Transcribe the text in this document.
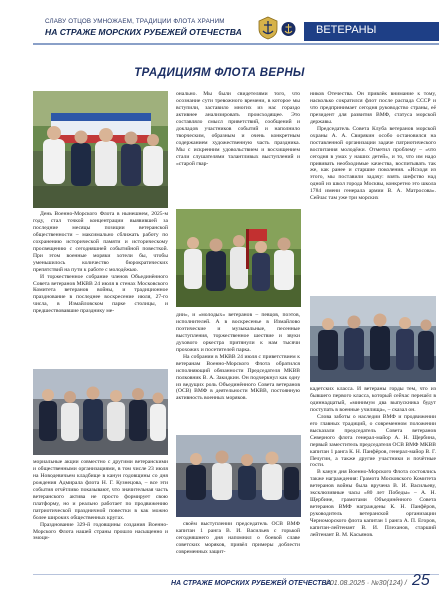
СЛАВУ ОТЦОВ УМНОЖАЕМ, ТРАДИЦИИ ФЛОТА ХРАНИМ
НА СТРАЖЕ МОРСКИХ РУБЕЖЕЙ ОТЕЧЕСТВА	ВЕТЕРАНЫ
ТРАДИЦИЯМ ФЛОТА ВЕРНЫ

День Военно-Морского Флота в нынешнем, 2025-м году, стал точкой концентрации выявившей за последние месяцы позиции ветеранской общественности – максимально сближать работу по сохранению исторической памяти и историческому просвещению с сегодняшней событийной повесткой. При этом военные моряки хотели бы, чтобы уменьшилось количество бюрократических препятствий на пути к работе с молодёжью.

И торжественное собрание членов Объединённого Совета ветеранов МКВВ 24 июля в стенах Московского Комитета ветеранов войны, и традиционное празднование в последнее воскресение июля, 27-го числа, в Измайловском парке столицы, и предшествовавшие празднику ме-

мориальные акции совместно с другими ветеранскими и общественными организациями, в том числе 23 июля на Новодевичьем кладбище в канун годовщины со дня рождения Адмирала флота Н. Г. Кузнецова, – все эти события отчётливо показывают, что значительная часть ветеранского актива не просто формирует свою платформу, но и реально работает по продвижению патриотической праздничной повестки в как можно более широких общественных кругах.

Празднование 329-й годовщины создания Военно-Морского Флота нашей страны прошло насыщенно и эмоци-

онально. Мы были свидетелями того, что осознание сути тревожного времени, в которое мы вступили, заставило многих из нас гораздо активнее анализировать происходящее. Это составляло смысл приветствий, сообщений и докладов участников событий и наполнило творческим, образным и очень конкретным содержанием художественную часть праздника. Мы с искренним удовольствием и восхищением стали слушателями талантливых выступлений и «старой гвар-

дии», и «молодых» ветеранов – певцов, поэтов, исполнителей. А в воскресенье в Измайлово поэтические и музыкальные, песенные выступления, торжественное шествие и звуки духового оркестра притянули к нам тысячи прохожих и посетителей парка.

На собрании в МКВВ 24 июля с приветствием к ветеранам Военно-Морского Флота обратился исполняющий обязанности Председателя МКВВ полковник В. А. Закидкин. Он подчеркнул как одну из ведущих роль Объединённого Совета ветеранов (ОСВ) ВМФ в деятельности МКВВ, постоянную активность военных моряков.

своём выступлении председатель ОСВ ВМФ капитан 1 ранга В. И. Васильев с горькой сегодняшнего дня напомнил о боевой славе советских моряков, привёл примеры доблести современных защит-

ников Отечества. Он привлёк внимание к тому, насколько сократился флот после распада СССР и что предпринимает сегодня руководство страны, её президент для развития ВМФ, статуса морской державы.

Председатель Совета Клуба ветеранов морской охраны А. А. Свирякин особо остановился на поставленной организации задаче патриотического воспитания молодёжи. Отметил проблему – «что сегодня в умах у наших детей», и то, что им надо прививать необходимые качества, воспитывать так же, как ранее и старшие поколения. «Исходя из этого, мы поставили задачу: взять шефство над одной из школ города Москвы, конкретно это школа 1784 имени генерала армии В. А. Матросова». Сейчас там уже три морских

кадетских класса. И ветераны горды тем, что из бывшего первого класса, который сейчас перешёл в одиннадцатый, «минимум два выпускника будут поступать в военные училища», – сказал он.

Слова заботы о наследии ВМФ и продвижении его главных традиций, о современном положении высказали председатель Совета ветеранов Северного флота генерал-майор А. Н. Щербина, первый заместитель председателя ОСВ ВМФ МКВВ капитан 1 ранга К. Н. Панфёров, генерал-майор В. Г. Печугин, а также другие участники и почётные гости.

В канун дня Военно-Морского Флота состоялись также награждения: Грамота Московского Комитета ветеранов войны была вручена В. И. Васильеву, эксклюзивные часы «80 лет Победы» – А. Н. Щербине, грамотами Объединённого Совета ветеранов ВМФ награждены К. Н. Панфёров, руководитель ветеранской организации Черноморского флота капитан 1 ранга А. П. Егоров, капитан-лейтенант В. И. Плеханов, старший лейтенант В. М. Касьянов.

НА СТРАЖЕ МОРСКИХ РУБЕЖЕЙ ОТЕЧЕСТВА
/ 01.08.2025 · №30(124) / 25
